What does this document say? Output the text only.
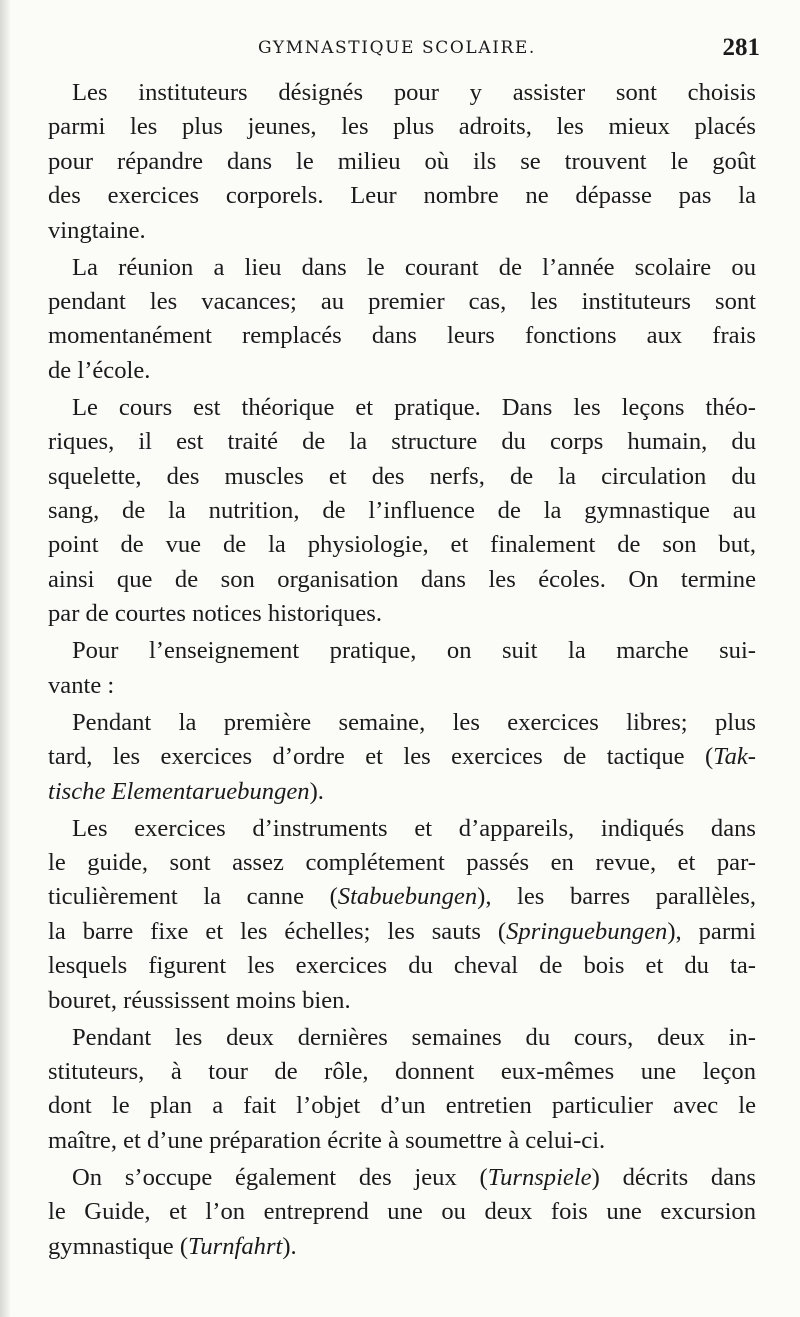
GYMNASTIQUE SCOLAIRE.	281
Les instituteurs désignés pour y assister sont choisis
parmi les plus jeunes, les plus adroits, les mieux placés
pour répandre dans le milieu où ils se trouvent le goût
des exercices corporels. Leur nombre ne dépasse pas la
vingtaine.
La réunion a lieu dans le courant de l’année scolaire ou
pendant les vacances; au premier cas, les instituteurs sont
momentanément remplacés dans leurs fonctions aux frais
de l’école.
Le cours est théorique et pratique. Dans les leçons théo-
riques, il est traité de la structure du corps humain, du
squelette, des muscles et des nerfs, de la circulation du
sang, de la nutrition, de l’influence de la gymnastique au
point de vue de la physiologie, et finalement de son but,
ainsi que de son organisation dans les écoles. On termine
par de courtes notices historiques.
Pour l’enseignement pratique, on suit la marche sui-
vante :
Pendant la première semaine, les exercices libres; plus
tard, les exercices d’ordre et les exercices de tactique (Tak-
tische Elementaruebungen).
Les exercices d’instruments et d’appareils, indiqués dans
le guide, sont assez complétement passés en revue, et par-
ticulièrement la canne (Stabuebungen), les barres parallèles,
la barre fixe et les échelles; les sauts (Springuebungen), parmi
lesquels figurent les exercices du cheval de bois et du ta-
bouret, réussissent moins bien.
Pendant les deux dernières semaines du cours, deux in-
stituteurs, à tour de rôle, donnent eux-mêmes une leçon
dont le plan a fait l’objet d’un entretien particulier avec le
maître, et d’une préparation écrite à soumettre à celui-ci.
On s’occupe également des jeux (Turnspiele) décrits dans
le Guide, et l’on entreprend une ou deux fois une excursion
gymnastique (Turnfahrt).
